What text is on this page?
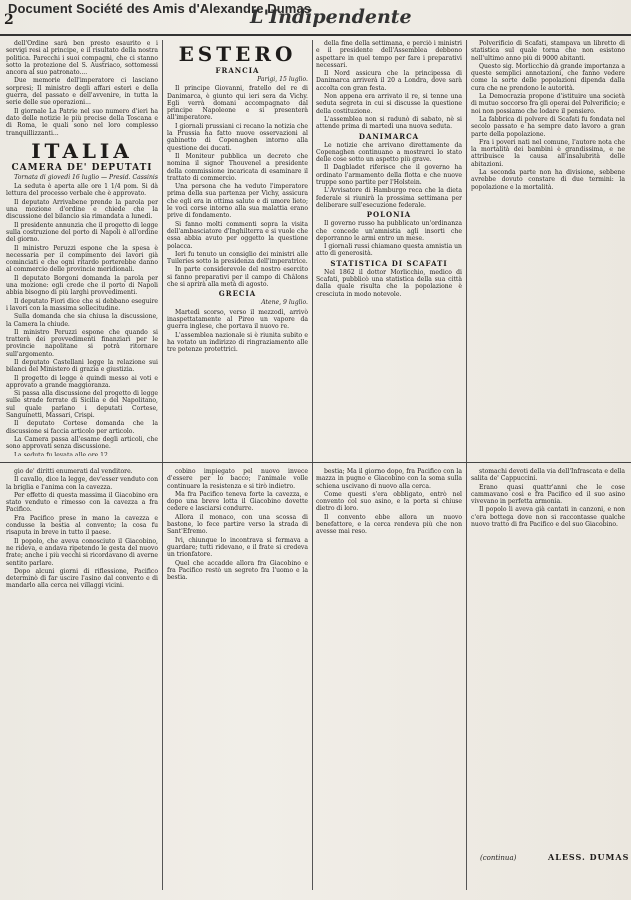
Document Société des Amis d'Alexandre Dumas
2	L'Indipendente

dell'Ordine sarà ben presto esaurito e i servigi resi al principe, e il risultato della nostra politica. Parecchi i suoi compagni, che ci stanno sotto la protezione del S. Austriaco, sottomessi ancora al suo patronato....

Due memorie dell'imperatore ci lasciano sorpresi; Il ministro degli affari esteri e della guerra, del passato e dell'avvenire, in tutta la serie delle sue operazioni...

Il giornale La Patrie nel suo numero d'ieri ha dato delle notizie le più precise della Toscana e di Roma, le quali sono nel loro complesso tranquillizzanti...

ITALIA
CAMERA DE' DEPUTATI
Tornata di giovedì 16 luglio — Presid. Cassinis

La seduta è aperta alle ore 1 1/4 pom. Si dà lettura del processo verbale che è approvato.

Il deputato Arrivabene prende la parola per una mozione d'ordine e chiede che la discussione del bilancio sia rimandata a lunedì.

Il presidente annunzia che il progetto di legge sulla costruzione del porto di Napoli è all'ordine del giorno.

Il ministro Peruzzi espone che la spesa è necessaria per il compimento dei lavori già cominciati e che ogni ritardo porterebbe danno al commercio delle provincie meridionali.

Il deputato Borgoni domanda la parola per una mozione: egli crede che il porto di Napoli abbia bisogno di più larghi provvedimenti.

Il deputato Fiori dice che si debbano eseguire i lavori con la massima sollecitudine.

Sulla domanda che sia chiusa la discussione, la Camera la chiude.

Il ministro Peruzzi espone che quando si tratterà dei provvedimenti finanziari per le provincie napolitane si potrà ritornare sull'argomento.

Il deputato Castellani legge la relazione sui bilanci del Ministero di grazia e giustizia.

Il progetto di legge è quindi messo ai voti e approvato a grande maggioranza.

Si passa alla discussione del progetto di legge sulle strade ferrate di Sicilia e del Napolitano, sul quale parlano i deputati Cortese, Sanguinetti, Massari, Crispi.

Il deputato Cortese domanda che la discussione si faccia articolo per articolo.

La Camera passa all'esame degli articoli, che sono approvati senza discussione.

La seduta fu levata alle ore 12.

ESTERO
FRANCIA
Parigi, 15 luglio.

Il principe Giovanni, fratello del re di Danimarca, è giunto qui ieri sera da Vichy. Egli verrà domani accompagnato dal principe Napoleone e si presenterà all'imperatore.

I giornali prussiani ci recano la notizia che la Prussia ha fatto nuove osservazioni al gabinetto di Copenaghen intorno alla questione dei ducati.

Il Moniteur pubblica un decreto che nomina il signor Thouvenel a presidente della commissione incaricata di esaminare il trattato di commercio.

Una persona che ha veduto l'imperatore prima della sua partenza per Vichy, assicura che egli era in ottima salute e di umore lieto; le voci corse intorno alla sua malattia erano prive di fondamento.

Si fanno molti commenti sopra la visita dell'ambasciatore d'Inghilterra e si vuole che essa abbia avuto per oggetto la questione polacca.

Ieri fu tenuto un consiglio dei ministri alle Tuileries sotto la presidenza dell'imperatrice.

In parte considerevole del nostro esercito si fanno preparativi per il campo di Châlons che si aprirà alla metà di agosto.

GRECIA
Atene, 9 luglio.

Martedì scorso, verso il mezzodì, arrivò inaspettatamente al Pireo un vapore da guerra inglese, che portava il nuovo re.

L'assemblea nazionale si è riunita subito e ha votato un indirizzo di ringraziamento alle tre potenze protettrici.

della fine della settimana, e perciò i ministri e il presidente dell'Assemblea debbono aspettare in quel tempo per fare i preparativi necessari.

Il Nord assicura che la principessa di Danimarca arriverà il 20 a Londra, dove sarà accolta con gran festa.

Non appena era arrivato il re, si tenne una seduta segreta in cui si discusse la questione della costituzione.

L'assemblea non si radunò di sabato, nè si attende prima di martedì una nuova seduta.

DANIMARCA

Le notizie che arrivano direttamente da Copenaghen continuano a mostrarci lo stato delle cose sotto un aspetto più grave.

Il Dagbladet riferisce che il governo ha ordinato l'armamento della flotta e che nuove truppe sono partite per l'Holstein.

L'Avvisatore di Hamburgo reca che la dieta federale si riunirà la prossima settimana per deliberare sull'esecuzione federale.

POLONIA

Il governo russo ha pubblicato un'ordinanza che concede un'amnistia agli insorti che deporranno le armi entro un mese.

I giornali russi chiamano questa amnistia un atto di generosità.

STATISTICA DI SCAFATI

Nel 1862 il dottor Morlicchio, medico di Scafati, pubblicò una statistica della sua città dalla quale risulta che la popolazione è cresciuta in modo notevole.

Polverificio di Scafati, stampava un libretto di statistica sul quale torna che non esistono nell'ultimo anno più di 9000 abitanti.

Questo sig. Morlicchio dà grande importanza a queste semplici annotazioni, che fanno vedere come la sorte delle popolazioni dipenda dalla cura che ne prendono le autorità.

La Democrazia propone d'istituire una società di mutuo soccorso fra gli operai del Polverificio; e noi non possiamo che lodare il pensiero.

La fabbrica di polvere di Scafati fu fondata nel secolo passato e ha sempre dato lavoro a gran parte della popolazione.

Fra i poveri nati nel comune, l'autore nota che la mortalità dei bambini è grandissima, e ne attribuisce la causa all'insalubrità delle abitazioni.

La seconda parte non ha divisione, sebbene avrebbe dovuto constare di due termini: la popolazione e la mortalità.

gio de' diritti enumerati dal venditore.

Il cavallo, dice la legge, dev'esser venduto con la briglia e l'anima con la cavezza.

Per effetto di questa massima il Giacobino era stato venduto e rimesso con la cavezza a fra Pacifico.

Fra Pacifico prese in mano la cavezza e condusse la bestia al convento; la cosa fu risaputa in breve in tutto il paese.

Il popolo, che aveva conosciuto il Giacobino, ne rideva, e andava ripetendo le gesta del nuovo frate; anche i più vecchi si ricordavano di averne sentito parlare.

Dopo alcuni giorni di riflessione, Pacifico determinò di far uscire l'asino dal convento e di mandarlo alla cerca nei villaggi vicini.

cobino impiegato pel nuovo invece d'essere per lo bacco; l'animale volle continuare la resistenza e si tirò indietro.

Ma fra Pacifico teneva forte la cavezza, e dopo una breve lotta il Giacobino dovette cedere e lasciarsi condurre.

Allora il monaco, con una scossa di bastone, lo fece partire verso la strada di Sant'Efremo.

Ivi, chiunque lo incontrava si fermava a guardare; tutti ridevano, e il frate si credeva un trionfatore.

Quel che accadde allora fra Giacobino e fra Pacifico restò un segreto fra l'uomo e la bestia.

bestia; Ma il giorno dopo, fra Pacifico con la mazza in pugno e Giacobino con la soma sulla schiena uscivano di nuovo alla cerca.

Come questi s'era obbligato, entrò nel convento col suo asino, e la porta si chiuse dietro di loro.

Il convento ebbe allora un nuovo benefattore, e la cerca rendeva più che non avesse mai reso.

stomachi devoti della via dell'Infrascata e della salita de' Cappuccini.

Erano quasi quattr'anni che le cose cammavano così e fra Pacifico ed il suo asino vivevano in perfetta armonia.

Il popolo li aveva già cantati in canzoni, e non c'era bottega dove non si raccontasse qualche nuovo tratto di fra Pacifico e del suo Giacobino.

(continua)	ALESS. DUMAS
